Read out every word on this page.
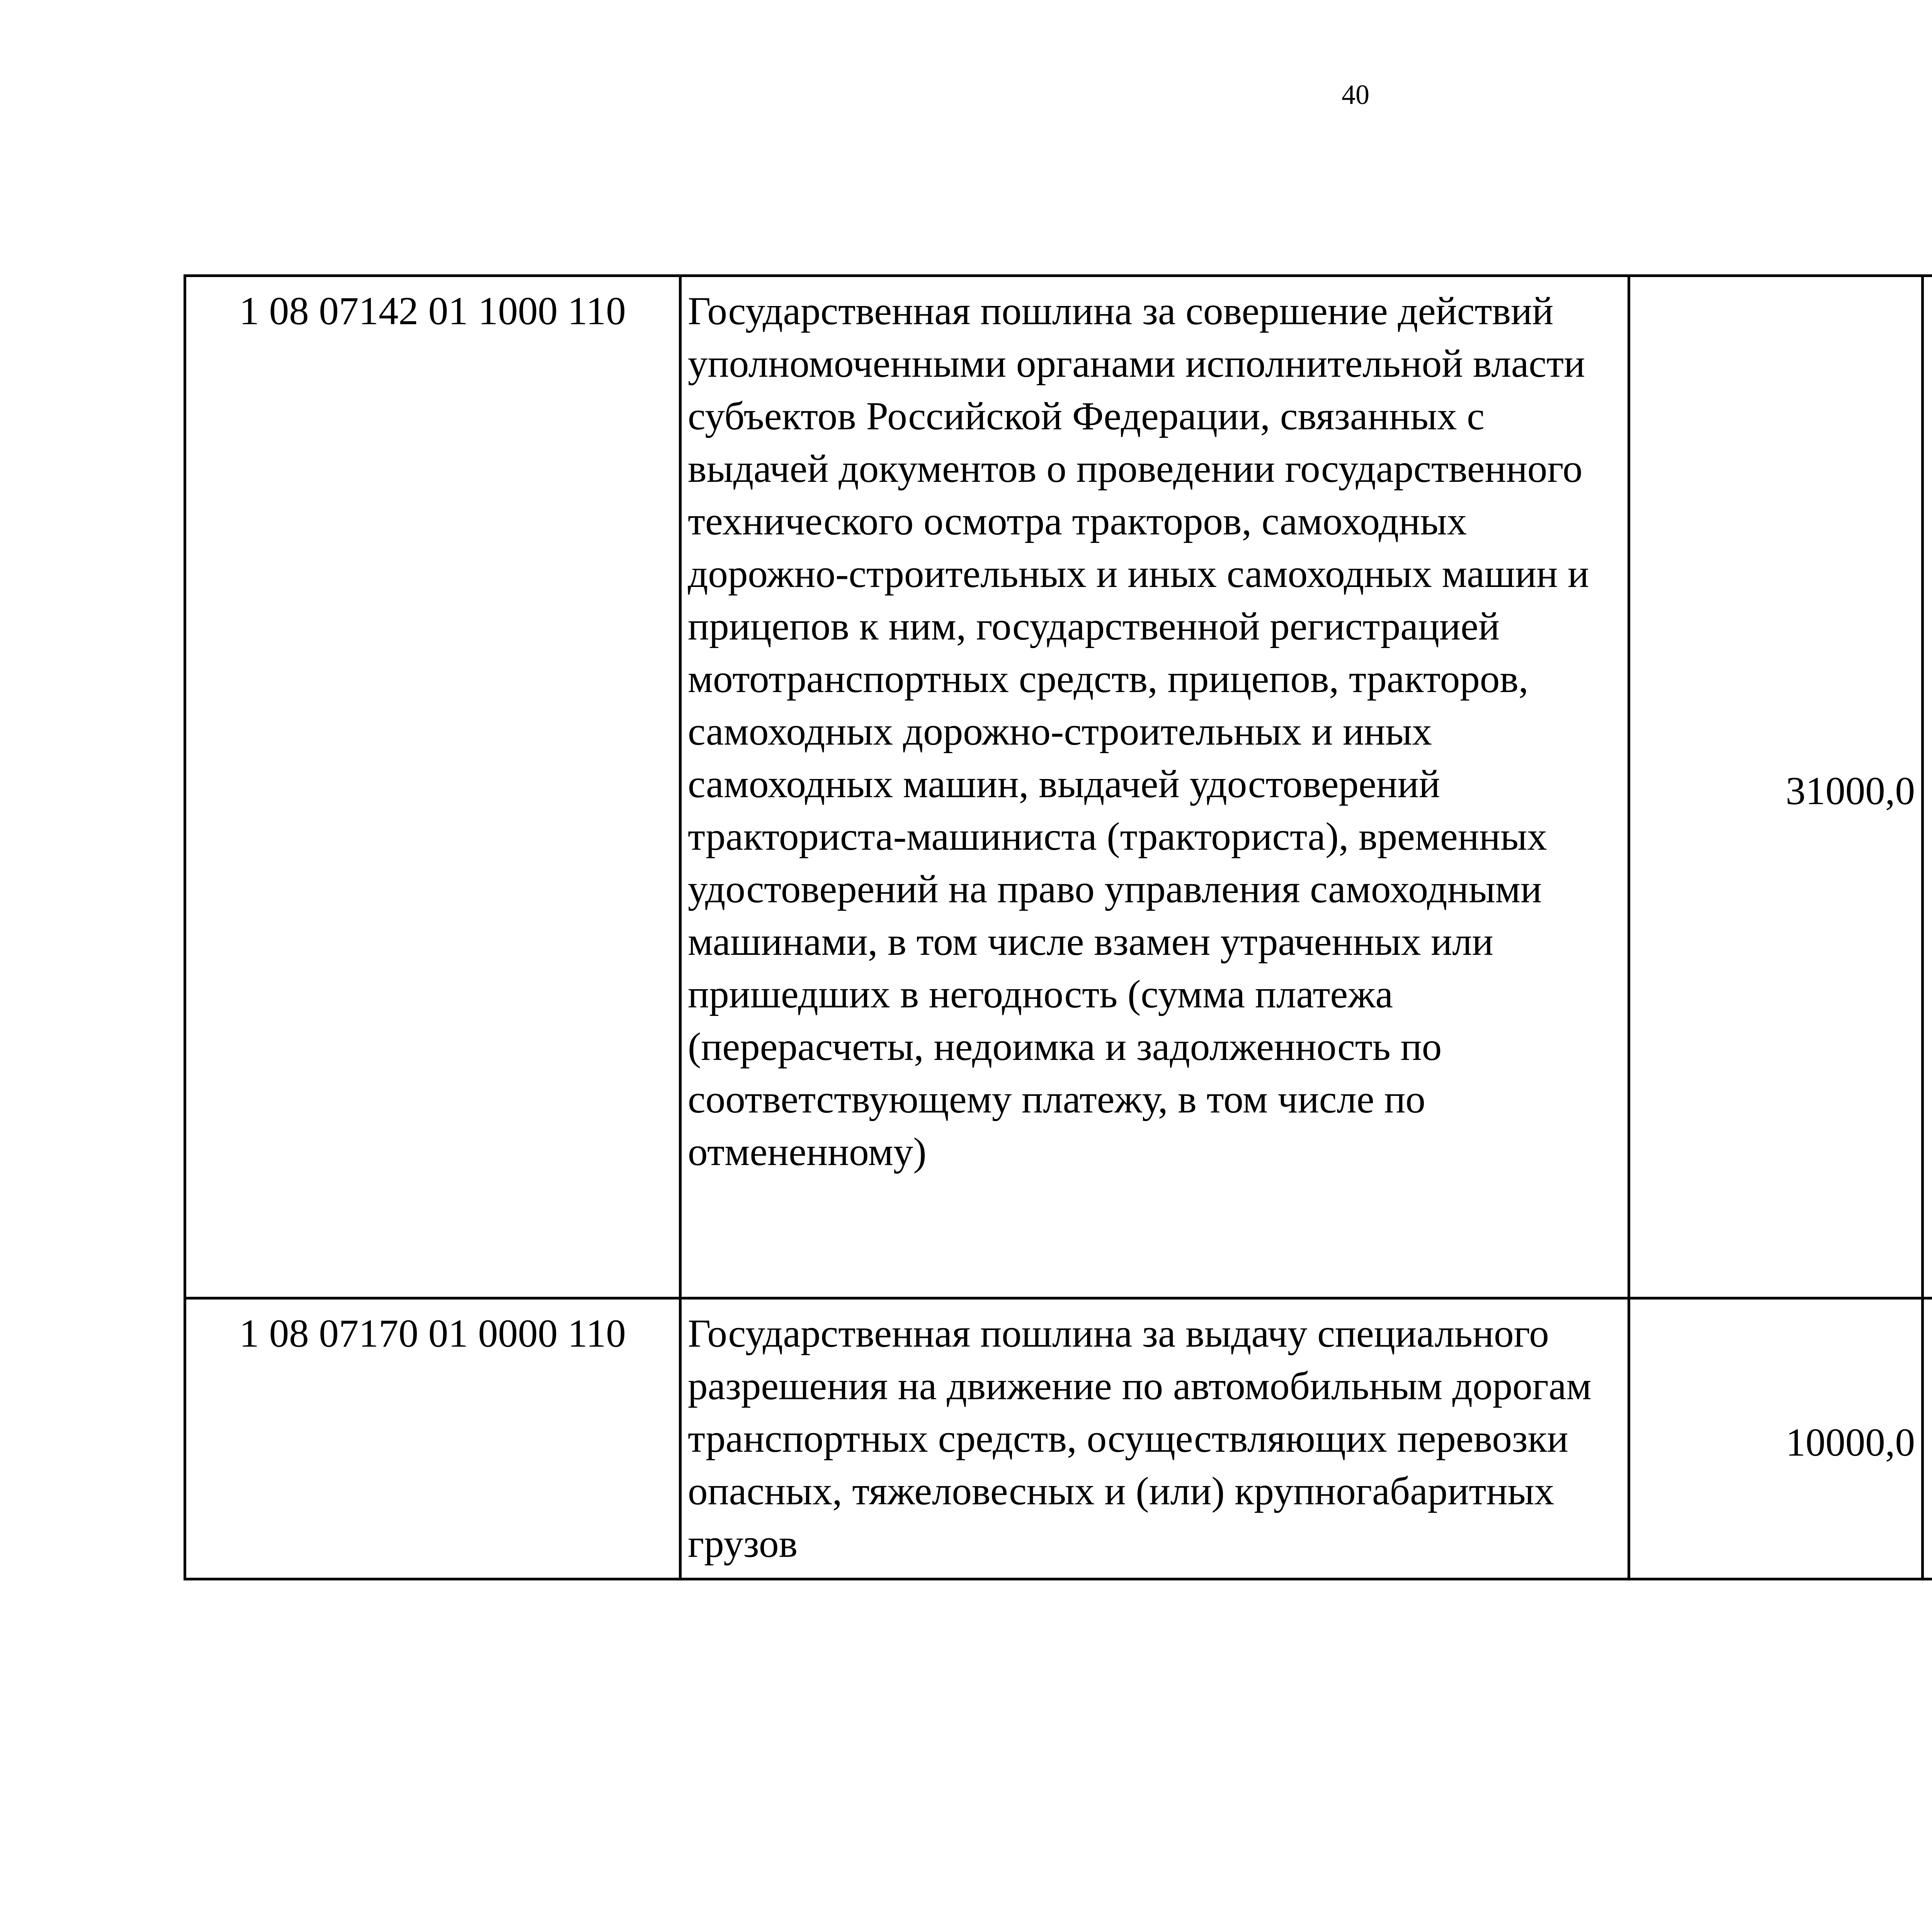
40
1 08 07142 01 1000 110	Государственная пошлина за совершение действий уполномоченными органами исполнительной власти субъектов Российской Федерации, связанных с выдачей документов о проведении государственного технического осмотра тракторов, самоходных дорожно-строительных и иных самоходных машин и прицепов к ним, государственной регистрацией мототранспортных средств, прицепов, тракторов, самоходных дорожно-строительных и иных самоходных машин, выдачей удостоверений тракториста-машиниста (тракториста), временных удостоверений на право управления самоходными машинами, в том числе взамен утраченных или пришедших в негодность (сумма платежа (перерасчеты, недоимка и задолженность по соответствующему платежу, в том числе по отмененному)	31000,0		
1 08 07170 01 0000 110	Государственная пошлина за выдачу специального разрешения на движение по автомобильным дорогам транспортных средств, осуществляющих перевозки опасных, тяжеловесных и (или) крупногабаритных грузов	10000,0		
